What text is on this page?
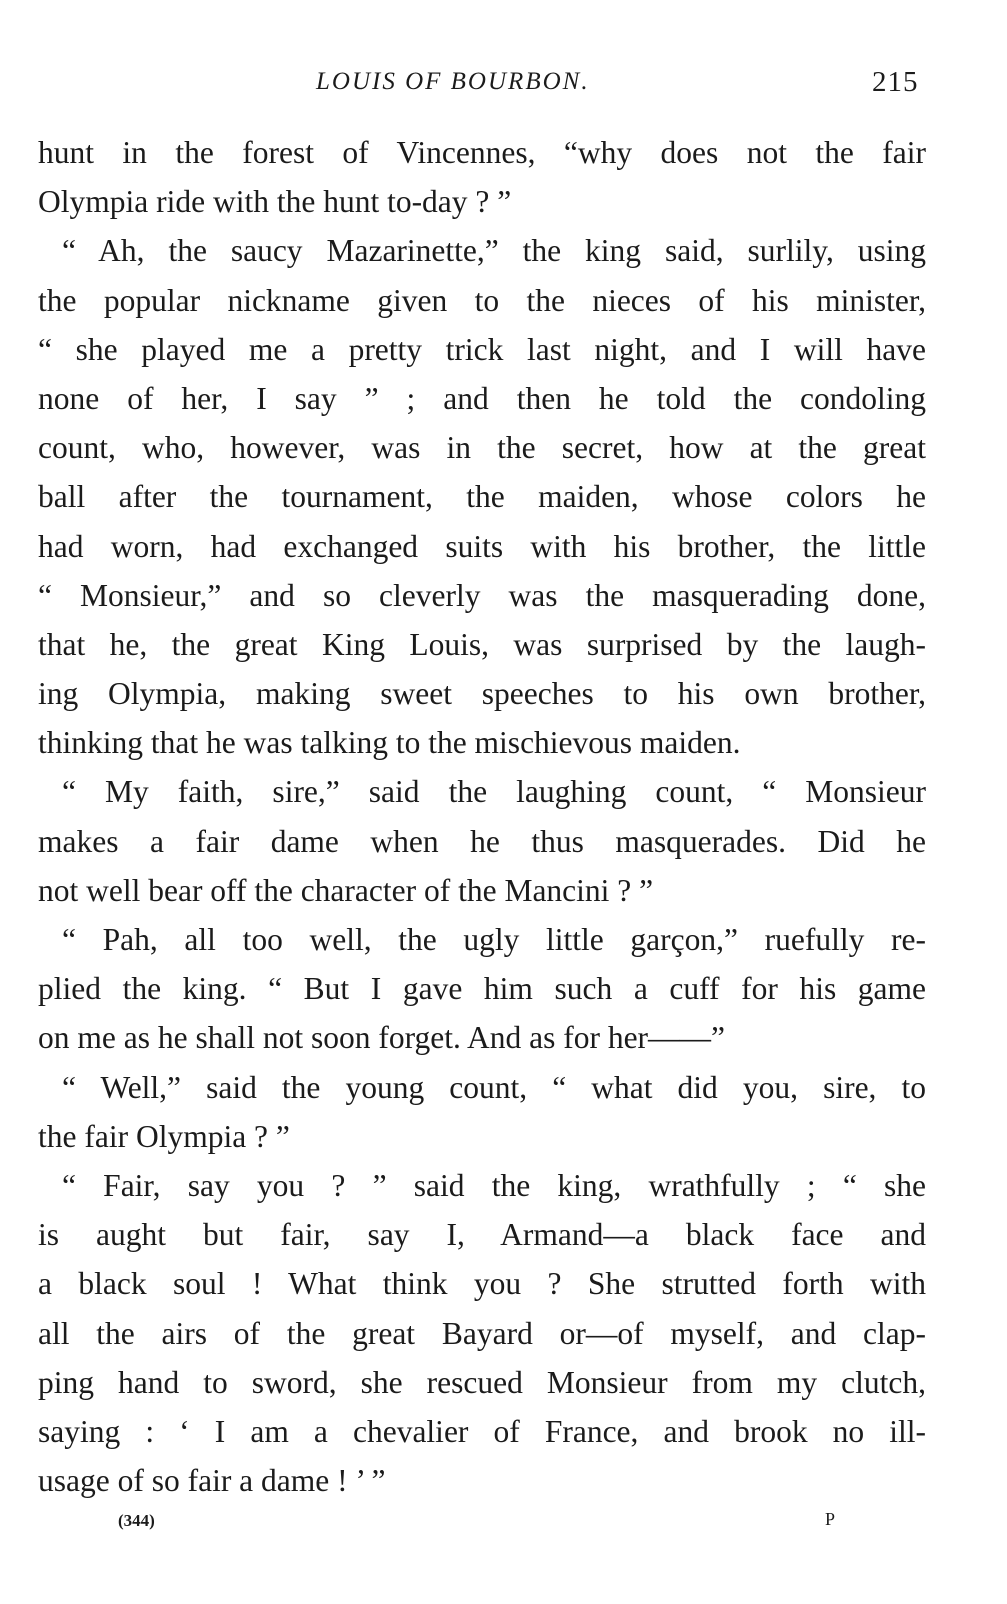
LOUIS OF BOURBON.	215
hunt in the forest of Vincennes, “why does not the fair
Olympia ride with the hunt to-day ? ”
“ Ah, the saucy Mazarinette,” the king said, surlily, using
the popular nickname given to the nieces of his minister,
“ she played me a pretty trick last night, and I will have
none of her, I say ” ; and then he told the condoling
count, who, however, was in the secret, how at the great
ball after the tournament, the maiden, whose colors he
had worn, had exchanged suits with his brother, the little
“ Monsieur,” and so cleverly was the masquerading done,
that he, the great King Louis, was surprised by the laugh-
ing Olympia, making sweet speeches to his own brother,
thinking that he was talking to the mischievous maiden.
“ My faith, sire,” said the laughing count, “ Monsieur
makes a fair dame when he thus masquerades. Did he
not well bear off the character of the Mancini ? ”
“ Pah, all too well, the ugly little garçon,” ruefully re-
plied the king. “ But I gave him such a cuff for his game
on me as he shall not soon forget. And as for her——”
“ Well,” said the young count, “ what did you, sire, to
the fair Olympia ? ”
“ Fair, say you ? ” said the king, wrathfully ; “ she
is aught but fair, say I, Armand—a black face and
a black soul ! What think you ? She strutted forth with
all the airs of the great Bayard or—of myself, and clap-
ping hand to sword, she rescued Monsieur from my clutch,
saying : ‘ I am a chevalier of France, and brook no ill-
usage of so fair a dame ! ’ ”
(344)	P
